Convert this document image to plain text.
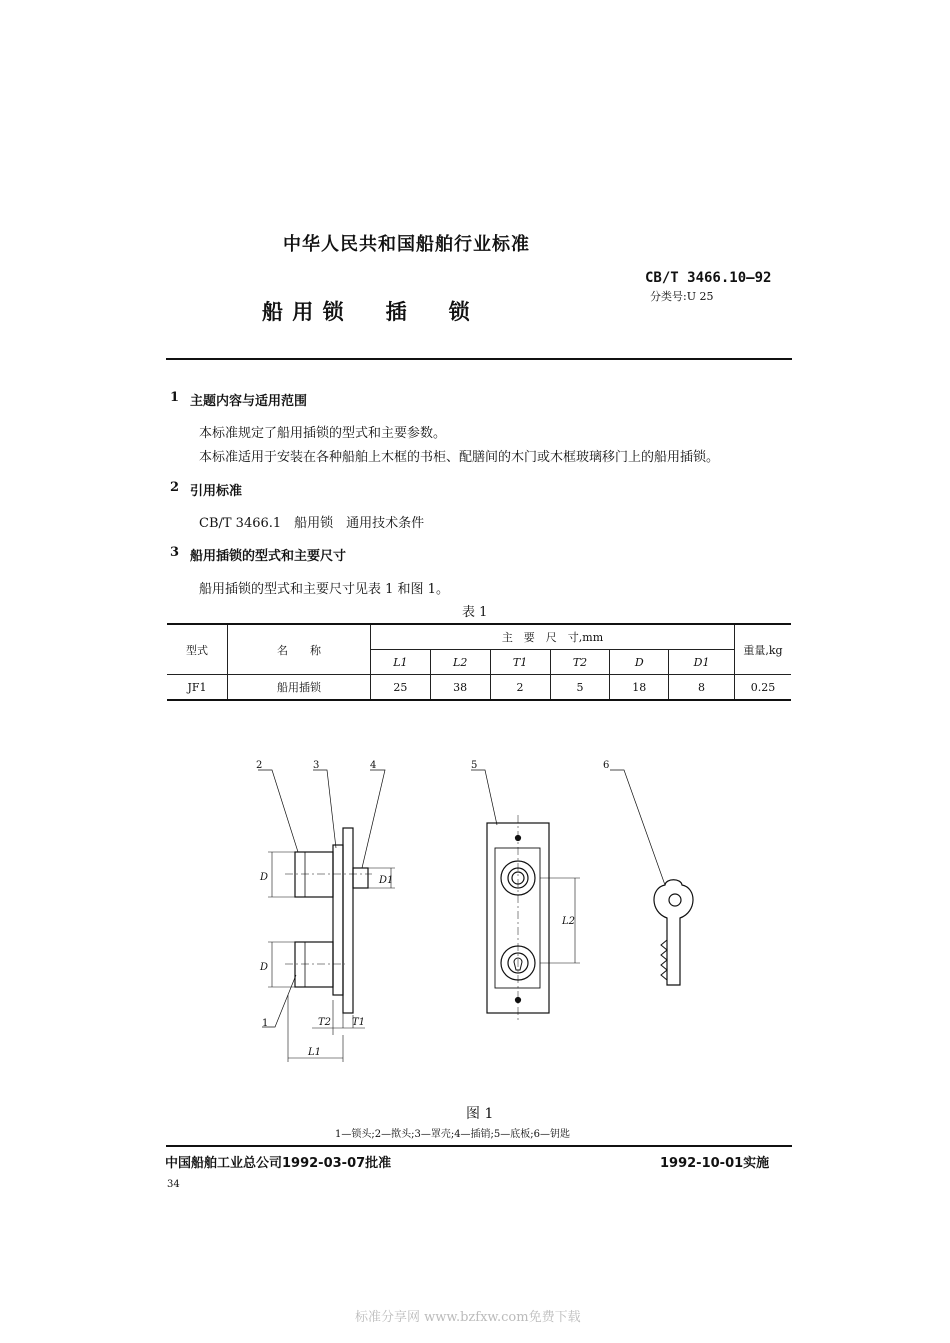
中华人民共和国船舶行业标准
船 用 锁　　插　　锁
CB/T 3466.10—92
分类号:U 25
1 主题内容与适用范围
本标准规定了船用插锁的型式和主要参数。
本标准适用于安装在各种船舶上木框的书柜、配膳间的木门或木框玻璃移门上的船用插锁。
2 引用标准
CB/T 3466.1　船用锁　通用技术条件
3 船用插锁的型式和主要尺寸
船用插锁的型式和主要尺寸见表 1 和图 1。
表 1
型式	名　　称	主　要　尺　寸,mm						重量,kg
		L1	L2	T1	T2	D	D1	
JF1	船用插锁	25	38	2	5	18	8	0.25
1
2	3	4	5	6
D
D
D1
T2 T1
L1
L2
图 1
1—锁头;2—揿头;3—罩壳;4—插销;5—底板;6—钥匙
中国船舶工业总公司1992-03-07批准	1992-10-01实施
34
标准分享网 www.bzfxw.com免费下载
